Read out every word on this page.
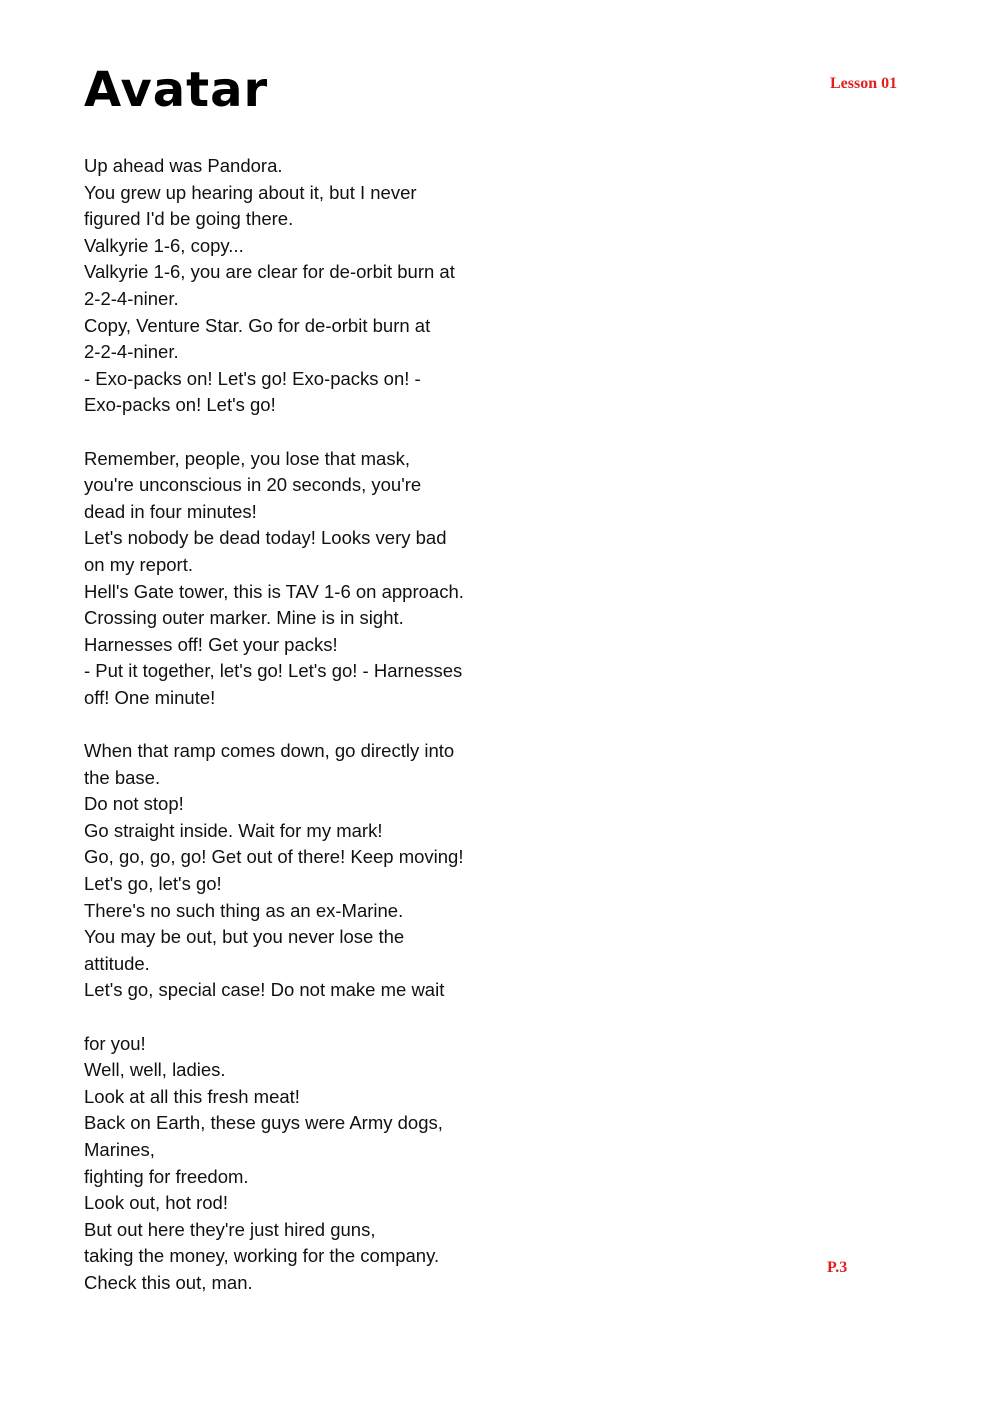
Avatar	Lesson 01
Up ahead was Pandora.
You grew up hearing about it, but I never
figured I'd be going there.
Valkyrie 1-6, copy...
Valkyrie 1-6, you are clear for de-orbit burn at
2-2-4-niner.
Copy, Venture Star. Go for de-orbit burn at
2-2-4-niner.
- Exo-packs on! Let's go! Exo-packs on! -
Exo-packs on! Let's go!
Remember, people, you lose that mask,
you're unconscious in 20 seconds, you're
dead in four minutes!
Let's nobody be dead today! Looks very bad
on my report.
Hell's Gate tower, this is TAV 1-6 on approach.
Crossing outer marker. Mine is in sight.
Harnesses off! Get your packs!
- Put it together, let's go! Let's go! - Harnesses
off! One minute!
When that ramp comes down, go directly into
the base.
Do not stop!
Go straight inside. Wait for my mark!
Go, go, go, go! Get out of there! Keep moving!
Let's go, let's go!
There's no such thing as an ex-Marine.
You may be out, but you never lose the
attitude.
Let's go, special case! Do not make me wait
for you!
Well, well, ladies.
Look at all this fresh meat!
Back on Earth, these guys were Army dogs,
Marines,
fighting for freedom.
Look out, hot rod!
But out here they're just hired guns,
taking the money, working for the company.
Check this out, man.
P.3
